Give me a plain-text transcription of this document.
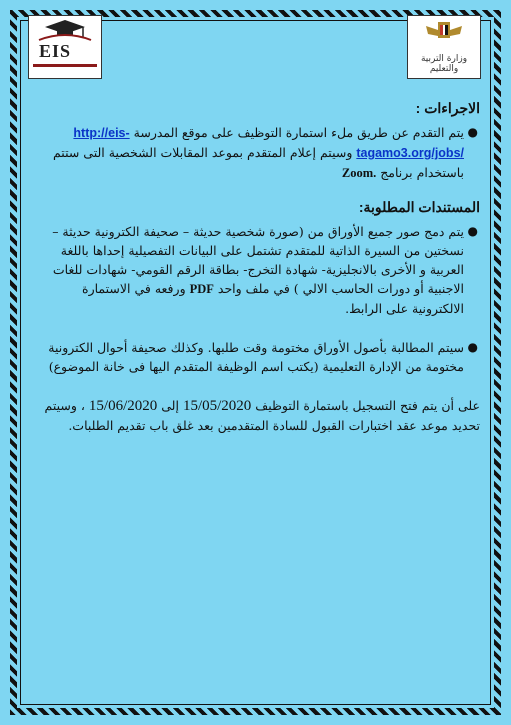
EIS	وزارة التربية والتعليم
الاجراءات :
●
يتم التقدم عن طريق ملء استمارة التوظيف على موقع المدرسة http://eis-tagamo3.org/jobs/ وسيتم إعلام المتقدم بموعد المقابلات الشخصية التى ستتم باستخدام برنامج Zoom.
المستندات المطلوبة:
●
يتم دمج صور جميع الأوراق من (صورة شخصية حديثة – صحيفة الكترونية حديثة – نسختين من السيرة الذاتية للمتقدم تشتمل على البيانات التفصيلية إحداها باللغة العربية و الأخرى بالانجليزية- شهادة التخرج- بطاقة الرقم القومي- شهادات للغات الاجنبية أو دورات الحاسب الالي ) في ملف واحد PDF ورفعه في الاستمارة الالكترونية على الرابط.
●
سيتم المطالبة بأصول الأوراق مختومة وقت طلبها. وكذلك صحيفة أحوال الكترونية مختومة من الإدارة التعليمية (يكتب اسم الوظيفة المتقدم اليها فى خانة الموضوع)
على أن يتم فتح التسجيل باستمارة التوظيف 15/05/2020 إلى 15/06/2020 ، وسيتم تحديد موعد عقد اختبارات القبول للسادة المتقدمين بعد غلق باب تقديم الطلبات.
